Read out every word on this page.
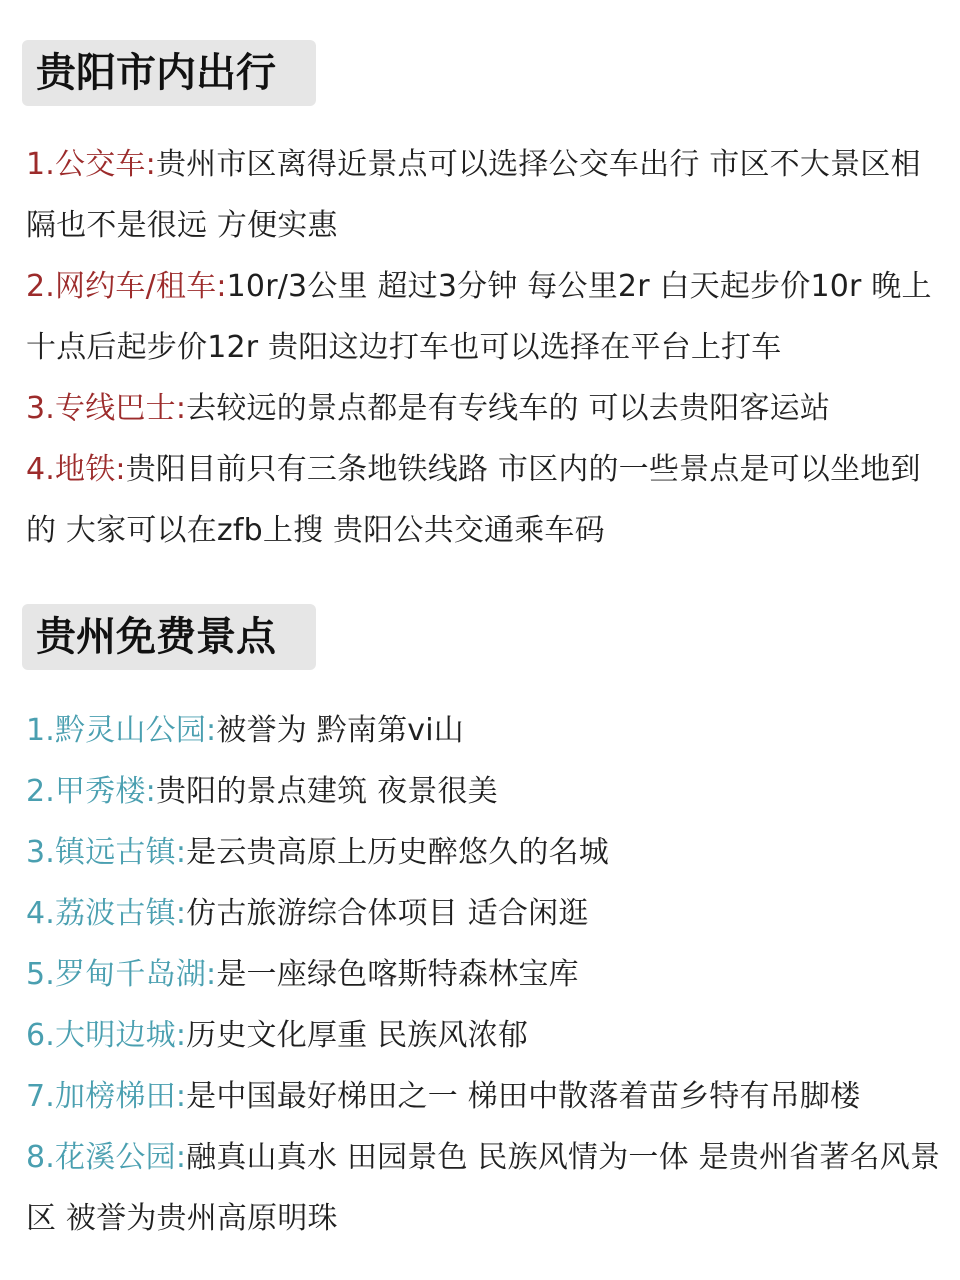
贵阳市内出行
1.公交车:贵州市区离得近景点可以选择公交车出行 市区不大景区相隔也不是很远 方便实惠
2.网约车/租车:10r/3公里 超过3分钟 每公里2r 白天起步价10r 晚上十点后起步价12r 贵阳这边打车也可以选择在平台上打车
3.专线巴士:去较远的景点都是有专线车的 可以去贵阳客运站
4.地铁:贵阳目前只有三条地铁线路 市区内的一些景点是可以坐地到的 大家可以在zfb上搜 贵阳公共交通乘车码
贵州免费景点
1.黔灵山公园:被誉为 黔南第vi山
2.甲秀楼:贵阳的景点建筑 夜景很美
3.镇远古镇:是云贵高原上历史醉悠久的名城
4.荔波古镇:仿古旅游综合体项目 适合闲逛
5.罗甸千岛湖:是一座绿色喀斯特森林宝库
6.大明边城:历史文化厚重 民族风浓郁
7.加榜梯田:是中国最好梯田之一 梯田中散落着苗乡特有吊脚楼
8.花溪公园:融真山真水 田园景色 民族风情为一体 是贵州省著名风景区 被誉为贵州高原明珠
